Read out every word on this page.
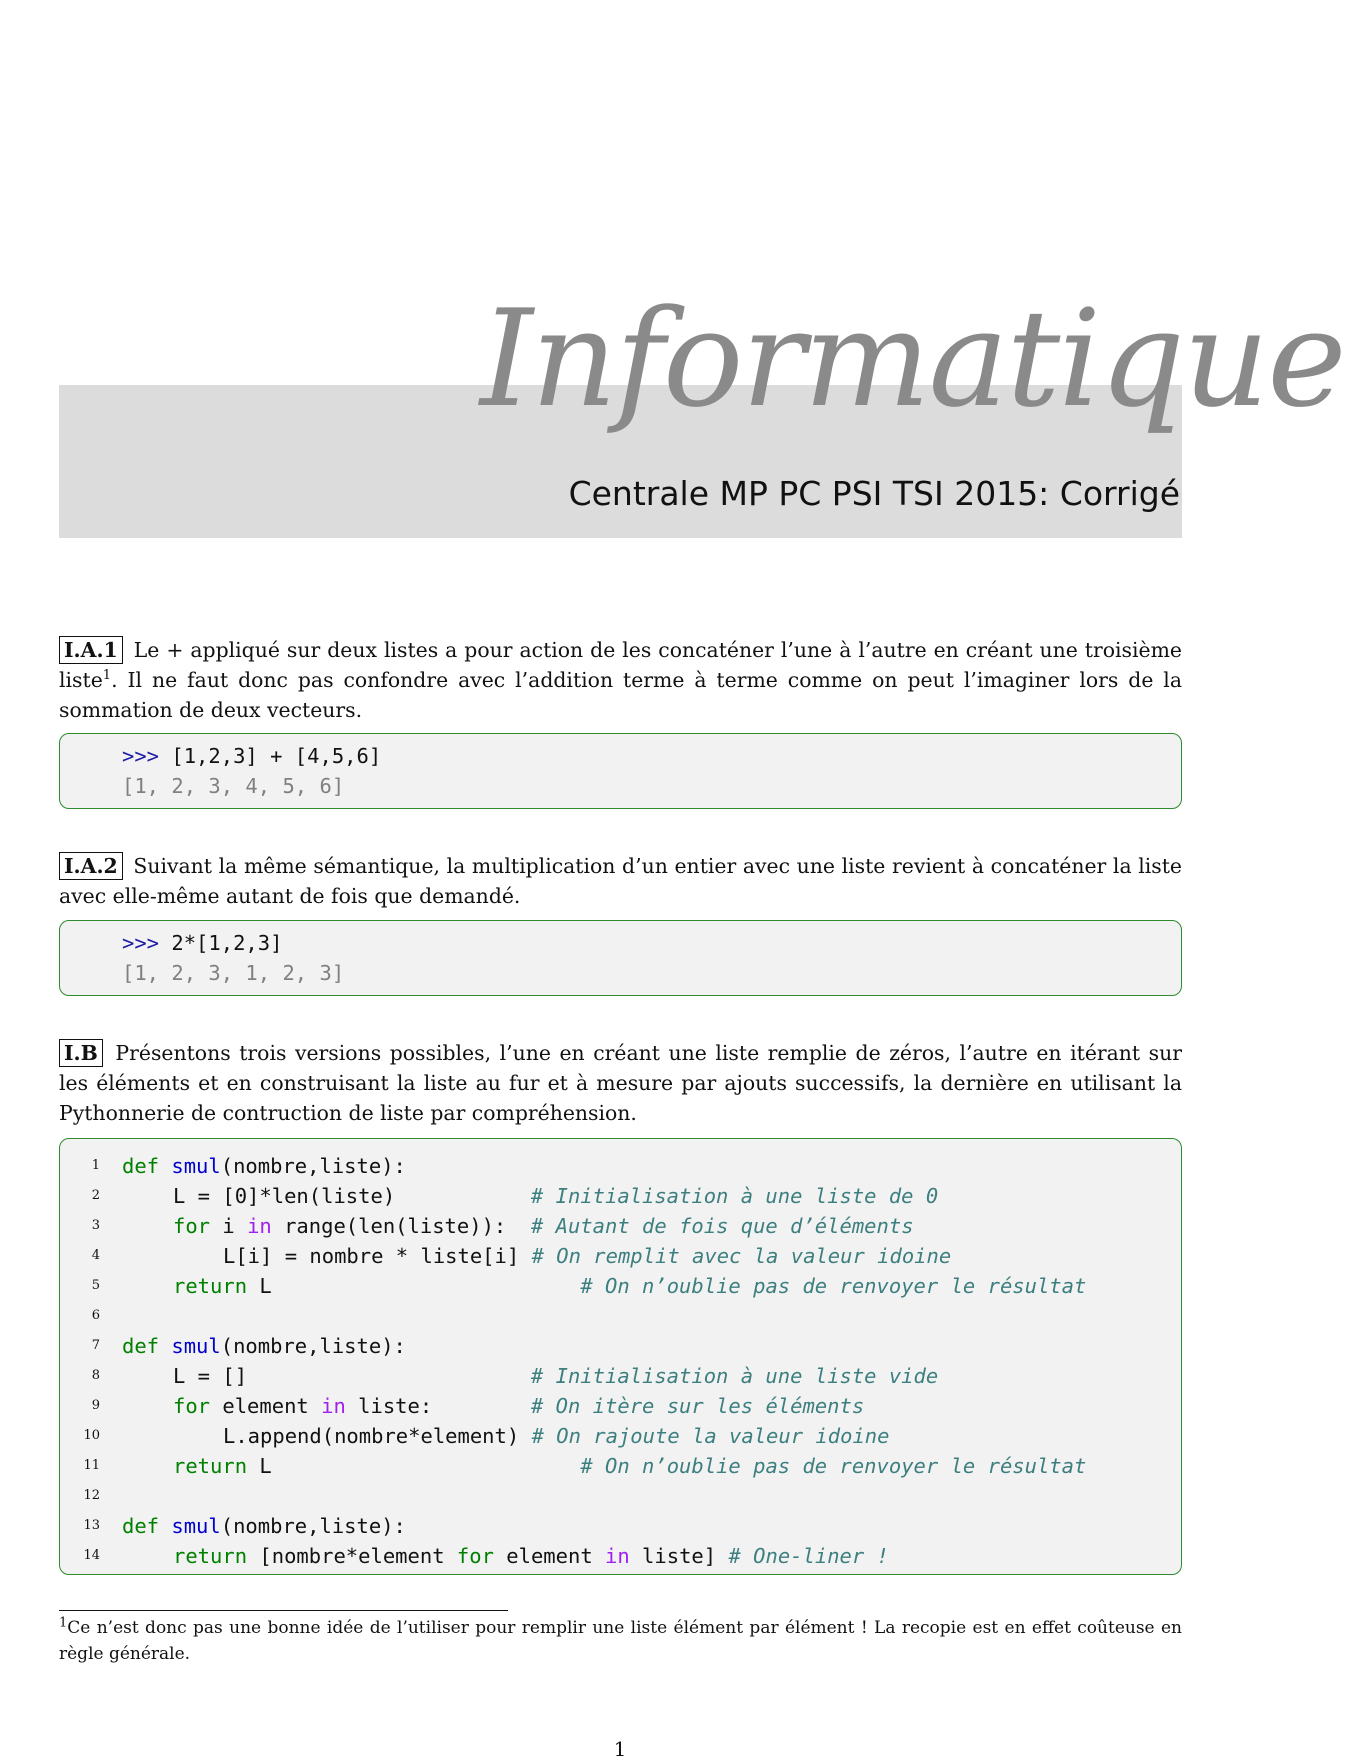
Informatique
Centrale MP PC PSI TSI 2015: Corrigé

I.A.1 Le + appliqué sur deux listes a pour action de les concaténer l’une à l’autre en créant une troisième liste$^1$. Il ne faut donc pas confondre avec l’addition terme à terme comme on peut l’imaginer lors de la sommation de deux vecteurs.

>>> [1,2,3] + [4,5,6]
[1, 2, 3, 4, 5, 6]

I.A.2 Suivant la même sémantique, la multiplication d’un entier avec une liste revient à concaténer la liste avec elle-même autant de fois que demandé.

>>> 2*[1,2,3]
[1, 2, 3, 1, 2, 3]

I.B Présentons trois versions possibles, l’une en créant une liste remplie de zéros, l’autre en itérant sur les éléments et en construisant la liste au fur et à mesure par ajouts successifs, la dernière en utilisant la Pythonnerie de contruction de liste par compréhension.

1
2
3
4
5
6
7
8
9
10
11
12
13
14
def smul(nombre,liste):
L = [0]*len(liste)           # Initialisation à une liste de 0
for i in range(len(liste)):  # Autant de fois que d’éléments
L[i] = nombre * liste[i] # On remplit avec la valeur idoine
return L                         # On n’oublie pas de renvoyer le résultat
def smul(nombre,liste):
L = []                       # Initialisation à une liste vide
for element in liste:        # On itère sur les éléments
L.append(nombre*element) # On rajoute la valeur idoine
return L                         # On n’oublie pas de renvoyer le résultat
def smul(nombre,liste):
return [nombre*element for element in liste] # One-liner !

$^1$Ce n’est donc pas une bonne idée de l’utiliser pour remplir une liste élément par élément ! La recopie est en effet coûteuse en règle générale.

1
